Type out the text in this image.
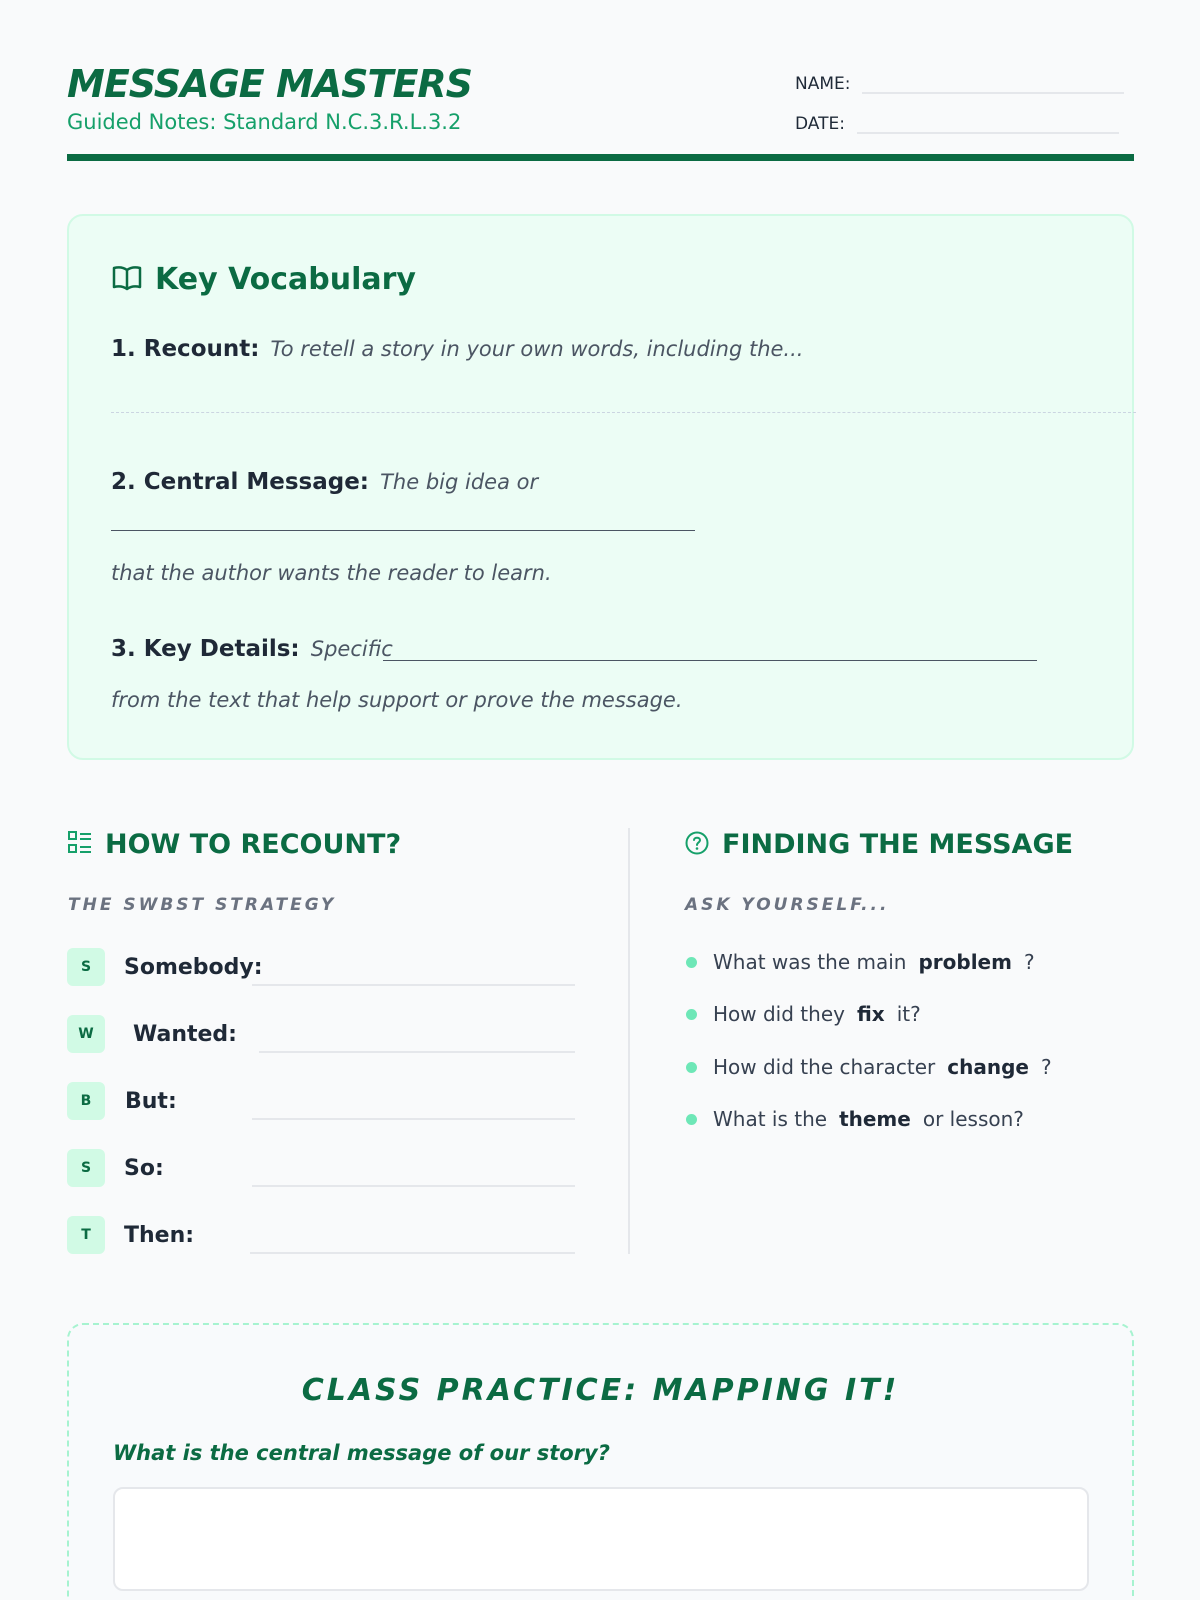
MESSAGE MASTERS
Guided Notes: Standard N.C.3.R.L.3.2
NAME:
DATE:
Key Vocabulary
1. Recount: To retell a story in your own words, including the...
2. Central Message: The big idea or
that the author wants the reader to learn.
3. Key Details: Specific
from the text that help support or prove the message.
HOW TO RECOUNT?
THE SWBST STRATEGY
S	Somebody:
W	Wanted:
B	But:
S	So:
T	Then:
FINDING THE MESSAGE
ASK YOURSELF...
What was the main problem ?
How did they fix it?
How did the character change ?
What is the theme or lesson?
CLASS PRACTICE: MAPPING IT!
What is the central message of our story?
